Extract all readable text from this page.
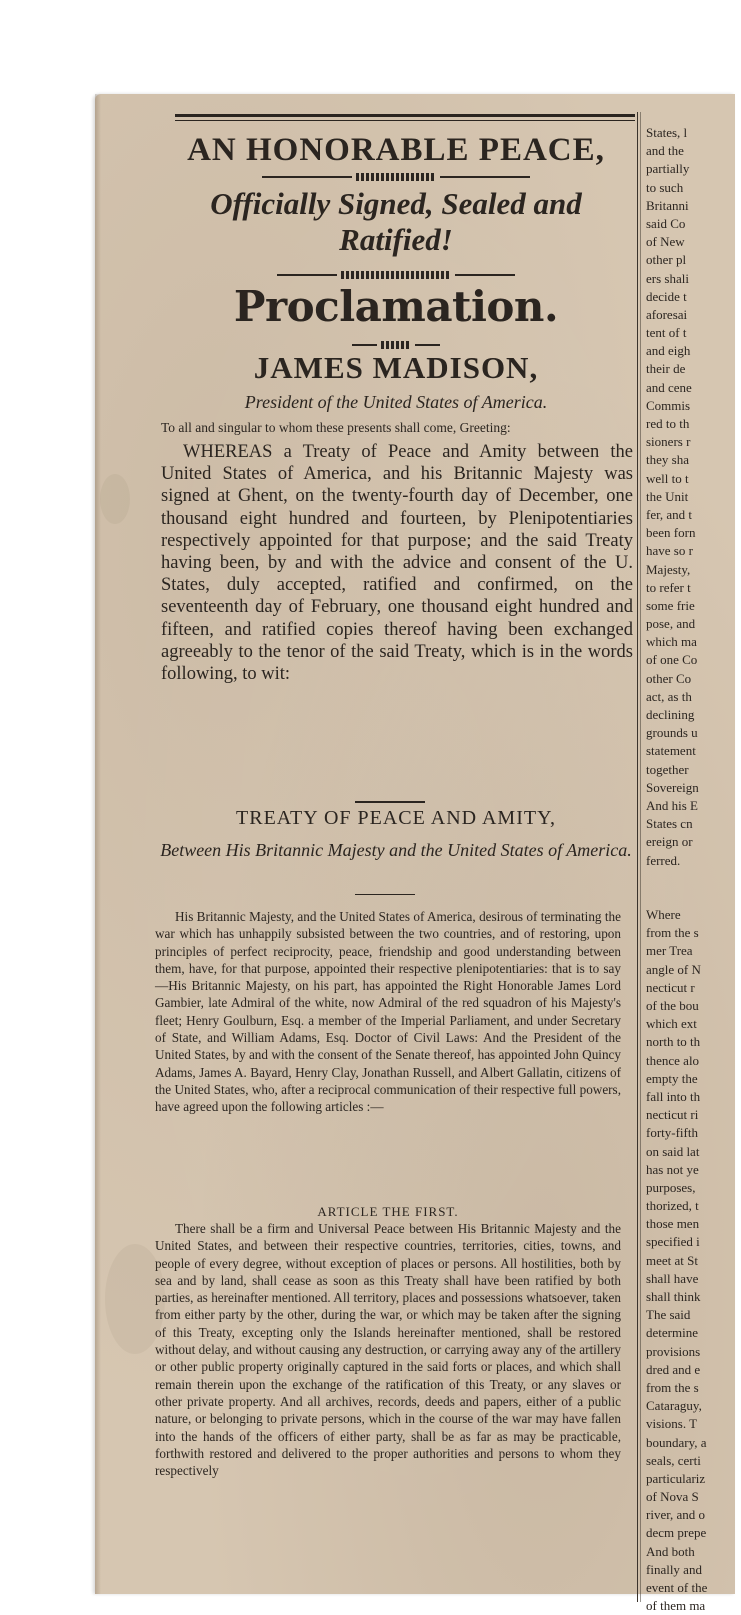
AN HONORABLE PEACE,
Officially Signed, Sealed and Ratified!
Proclamation.
JAMES MADISON,
President of the United States of America.
To all and singular to whom these presents shall come, Greeting:
WHEREAS a Treaty of Peace and Amity between the United States of America, and his Britannic Majesty was signed at Ghent, on the twenty-fourth day of December, one thousand eight hundred and fourteen, by Plenipotentiaries respectively appointed for that purpose; and the said Treaty having been, by and with the advice and consent of the U. States, duly accepted, ratified and confirmed, on the seventeenth day of February, one thousand eight hundred and fifteen, and ratified copies thereof having been exchanged agreeably to the tenor of the said Treaty, which is in the words following, to wit:
TREATY OF PEACE AND AMITY,
Between His Britannic Majesty and the United States of America.
His Britannic Majesty, and the United States of America, desirous of terminating the war which has unhappily subsisted between the two countries, and of restoring, upon principles of perfect reciprocity, peace, friendship and good understanding between them, have, for that purpose, appointed their respective plenipotentiaries: that is to say—His Britannic Majesty, on his part, has appointed the Right Honorable James Lord Gambier, late Admiral of the white, now Admiral of the red squadron of his Majesty's fleet; Henry Goulburn, Esq. a member of the Imperial Parliament, and under Secretary of State, and William Adams, Esq. Doctor of Civil Laws: And the President of the United States, by and with the consent of the Senate thereof, has appointed John Quincy Adams, James A. Bayard, Henry Clay, Jonathan Russell, and Albert Gallatin, citizens of the United States, who, after a reciprocal communication of their respective full powers, have agreed upon the following articles :—
ARTICLE THE FIRST.
There shall be a firm and Universal Peace between His Britannic Majesty and the United States, and between their respective countries, territories, cities, towns, and people of every degree, without exception of places or persons. All hostilities, both by sea and by land, shall cease as soon as this Treaty shall have been ratified by both parties, as hereinafter mentioned. All territory, places and possessions whatsoever, taken from either party by the other, during the war, or which may be taken after the signing of this Treaty, excepting only the Islands hereinafter mentioned, shall be restored without delay, and without causing any destruction, or carrying away any of the artillery or other public property originally captured in the said forts or places, and which shall remain therein upon the exchange of the ratification of this Treaty, or any slaves or other private property. And all archives, records, deeds and papers, either of a public nature, or belonging to private persons, which in the course of the war may have fallen into the hands of the officers of either party, shall be as far as may be practicable, forthwith restored and delivered to the proper authorities and persons to whom they respectively
States, l
and the
partially
to such
Britanni
said Co
of New
other pl
ers shali
decide t
aforesai
tent of t
and eigh
their de
and cene
Commis
red to th
sioners r
they sha
well to t
the Unit
fer, and t
been forn
have so r
Majesty,
to refer t
some frie
pose, and
which ma
of one Co
other Co
act, as th
declining
grounds u
statement
together
Sovereign
And his E
States cn
ereign or
ferred.
Where
from the s
mer Trea
angle of N
necticut r
of the bou
which ext
north to th
thence alo
empty the
fall into th
necticut ri
forty-fifth
on said lat
has not ye
purposes,
thorized, t
those men
specified i
meet at St
shall have
shall think
The said
determine
provisions
dred and e
from the s
Cataraguy,
visions. T
boundary, a
seals, certi
particulariz
of Nova S
river, and o
decm prepe
And both
finally and
event of the
of them ma
